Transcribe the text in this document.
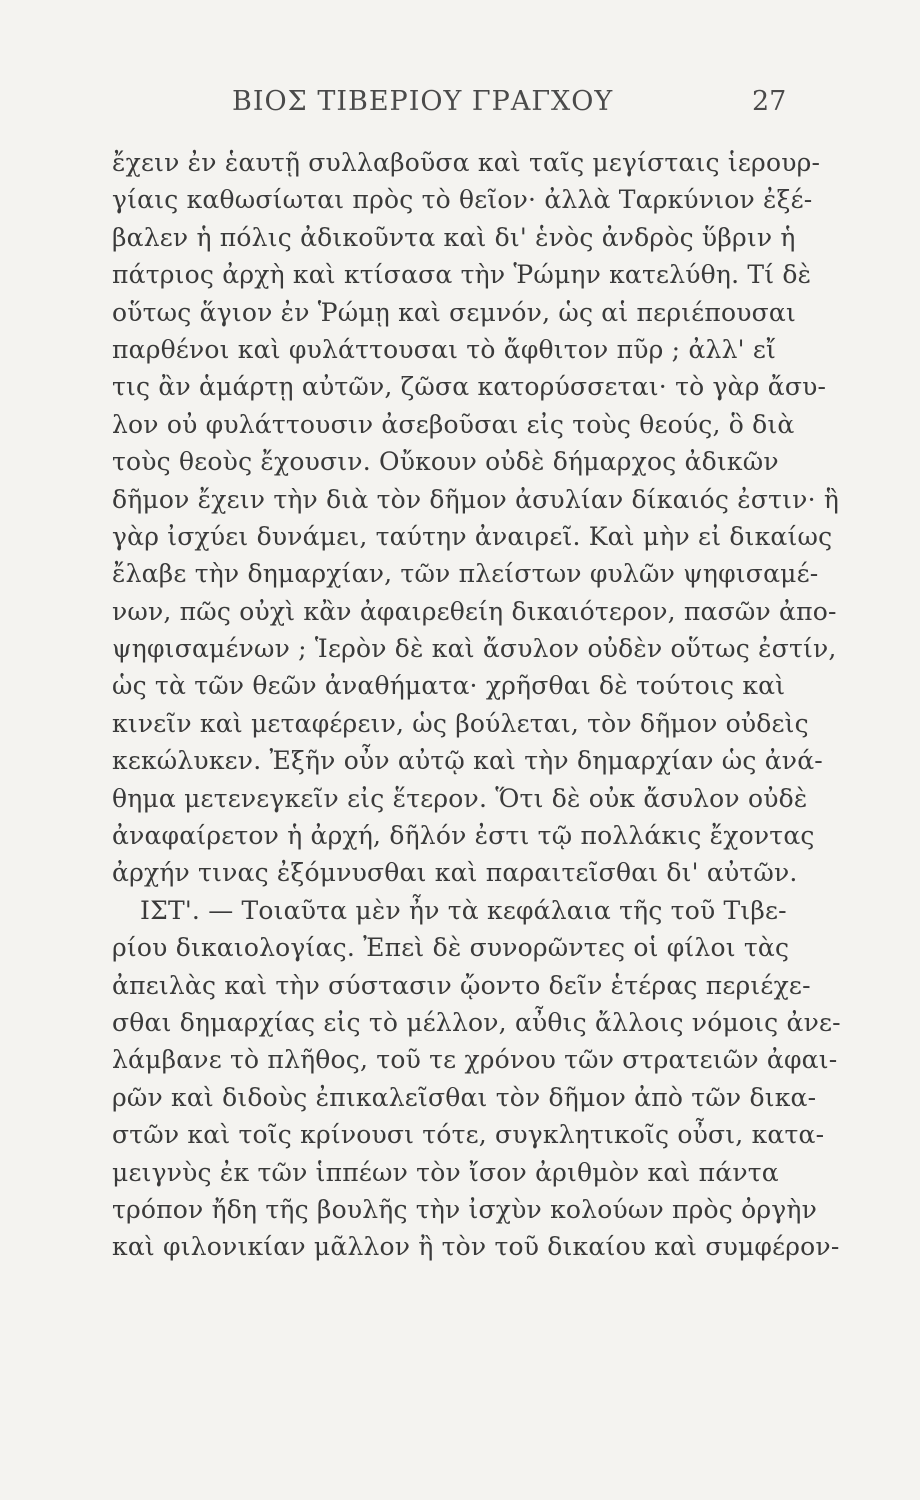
ΒΙΟΣ ΤΙΒΕΡΙΟΥ ΓΡΑΓΧΟΥ	27
ἔχειν ἐν ἑαυτῇ συλλαβοῦσα καὶ ταῖς μεγίσταις ἱερουρ-
γίαις καθωσίωται πρὸς τὸ θεῖον· ἀλλὰ Ταρκύνιον ἐξέ-
βαλεν ἡ πόλις ἀδικοῦντα καὶ δι' ἑνὸς ἀνδρὸς ὕβριν ἡ
πάτριος ἀρχὴ καὶ κτίσασα τὴν Ῥώμην κατελύθη. Τί δὲ
οὕτως ἅγιον ἐν Ῥώμῃ καὶ σεμνόν, ὡς αἱ περιέπουσαι
παρθένοι καὶ φυλάττουσαι τὸ ἄφθιτον πῦρ ; ἀλλ' εἴ
τις ἂν ἁμάρτῃ αὐτῶν, ζῶσα κατορύσσεται· τὸ γὰρ ἄσυ-
λον οὐ φυλάττουσιν ἀσεβοῦσαι εἰς τοὺς θεούς, ὃ διὰ
τοὺς θεοὺς ἔχουσιν. Οὔκουν οὐδὲ δήμαρχος ἀδικῶν
δῆμον ἔχειν τὴν διὰ τὸν δῆμον ἀσυλίαν δίκαιός ἐστιν· ἣ
γὰρ ἰσχύει δυνάμει, ταύτην ἀναιρεῖ. Καὶ μὴν εἰ δικαίως
ἔλαβε τὴν δημαρχίαν, τῶν πλείστων φυλῶν ψηφισαμέ-
νων, πῶς οὐχὶ κἂν ἀφαιρεθείη δικαιότερον, πασῶν ἀπο-
ψηφισαμένων ; Ἱερὸν δὲ καὶ ἄσυλον οὐδὲν οὕτως ἐστίν,
ὡς τὰ τῶν θεῶν ἀναθήματα· χρῆσθαι δὲ τούτοις καὶ
κινεῖν καὶ μεταφέρειν, ὡς βούλεται, τὸν δῆμον οὐδεὶς
κεκώλυκεν. Ἐξῆν οὖν αὐτῷ καὶ τὴν δημαρχίαν ὡς ἀνά-
θημα μετενεγκεῖν εἰς ἕτερον. Ὅτι δὲ οὐκ ἄσυλον οὐδὲ
ἀναφαίρετον ἡ ἀρχή, δῆλόν ἐστι τῷ πολλάκις ἔχοντας
ἀρχήν τινας ἐξόμνυσθαι καὶ παραιτεῖσθαι δι' αὐτῶν.
ΙΣΤ'. — Τοιαῦτα μὲν ἦν τὰ κεφάλαια τῆς τοῦ Τιβε-
ρίου δικαιολογίας. Ἐπεὶ δὲ συνορῶντες οἱ φίλοι τὰς
ἀπειλὰς καὶ τὴν σύστασιν ᾤοντο δεῖν ἑτέρας περιέχε-
σθαι δημαρχίας εἰς τὸ μέλλον, αὖθις ἄλλοις νόμοις ἀνε-
λάμβανε τὸ πλῆθος, τοῦ τε χρόνου τῶν στρατειῶν ἀφαι-
ρῶν καὶ διδοὺς ἐπικαλεῖσθαι τὸν δῆμον ἀπὸ τῶν δικα-
στῶν καὶ τοῖς κρίνουσι τότε, συγκλητικοῖς οὖσι, κατα-
μειγνὺς ἐκ τῶν ἱππέων τὸν ἴσον ἀριθμὸν καὶ πάντα
τρόπον ἤδη τῆς βουλῆς τὴν ἰσχὺν κολούων πρὸς ὀργὴν
καὶ φιλονικίαν μᾶλλον ἢ τὸν τοῦ δικαίου καὶ συμφέρον-
